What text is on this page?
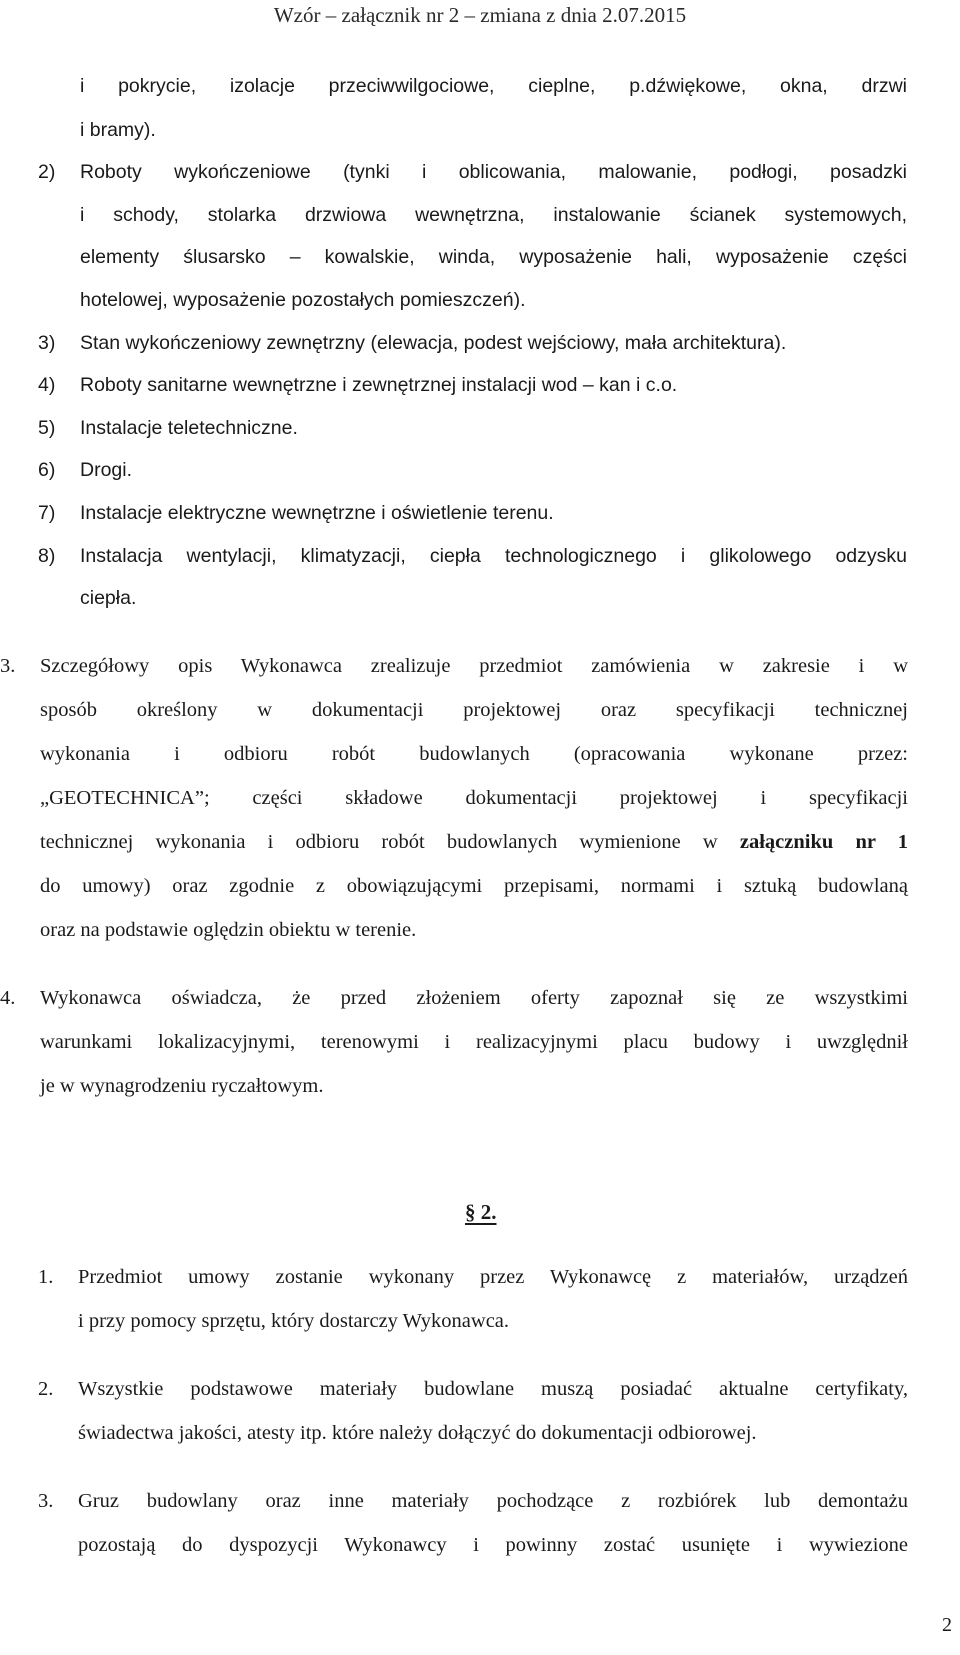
Wzór – załącznik nr 2 – zmiana z dnia 2.07.2015
i pokrycie, izolacje przeciwwilgociowe, cieplne, p.dźwiękowe, okna, drzwi
i bramy).
2) Roboty wykończeniowe (tynki i oblicowania, malowanie, podłogi, posadzki
i schody, stolarka drzwiowa wewnętrzna, instalowanie ścianek systemowych,
elementy ślusarsko – kowalskie, winda, wyposażenie hali, wyposażenie części
hotelowej, wyposażenie pozostałych pomieszczeń).
3) Stan wykończeniowy zewnętrzny (elewacja, podest wejściowy, mała architektura).
4) Roboty sanitarne wewnętrzne i zewnętrznej instalacji wod – kan i c.o.
5) Instalacje teletechniczne.
6) Drogi.
7) Instalacje elektryczne wewnętrzne i oświetlenie terenu.
8) Instalacja wentylacji, klimatyzacji, ciepła technologicznego i glikolowego odzysku
ciepła.
3. Szczegółowy opis Wykonawca zrealizuje przedmiot zamówienia w zakresie i w
sposób określony w dokumentacji projektowej oraz specyfikacji technicznej
wykonania i odbioru robót budowlanych (opracowania wykonane przez:
„GEOTECHNICA”; części składowe dokumentacji projektowej i specyfikacji
technicznej wykonania i odbioru robót budowlanych wymienione w załączniku nr 1
do umowy) oraz zgodnie z obowiązującymi przepisami, normami i sztuką budowlaną
oraz na podstawie oględzin obiektu w terenie.
4. Wykonawca oświadcza, że przed złożeniem oferty zapoznał się ze wszystkimi
warunkami lokalizacyjnymi, terenowymi i realizacyjnymi placu budowy i uwzględnił
je w wynagrodzeniu ryczałtowym.
§ 2.
1. Przedmiot umowy zostanie wykonany przez Wykonawcę z materiałów, urządzeń
i przy pomocy sprzętu, który dostarczy Wykonawca.
2. Wszystkie podstawowe materiały budowlane muszą posiadać aktualne certyfikaty,
świadectwa jakości, atesty itp. które należy dołączyć do dokumentacji odbiorowej.
3. Gruz budowlany oraz inne materiały pochodzące z rozbiórek lub demontażu
pozostają do dyspozycji Wykonawcy i powinny zostać usunięte i wywiezione
2
